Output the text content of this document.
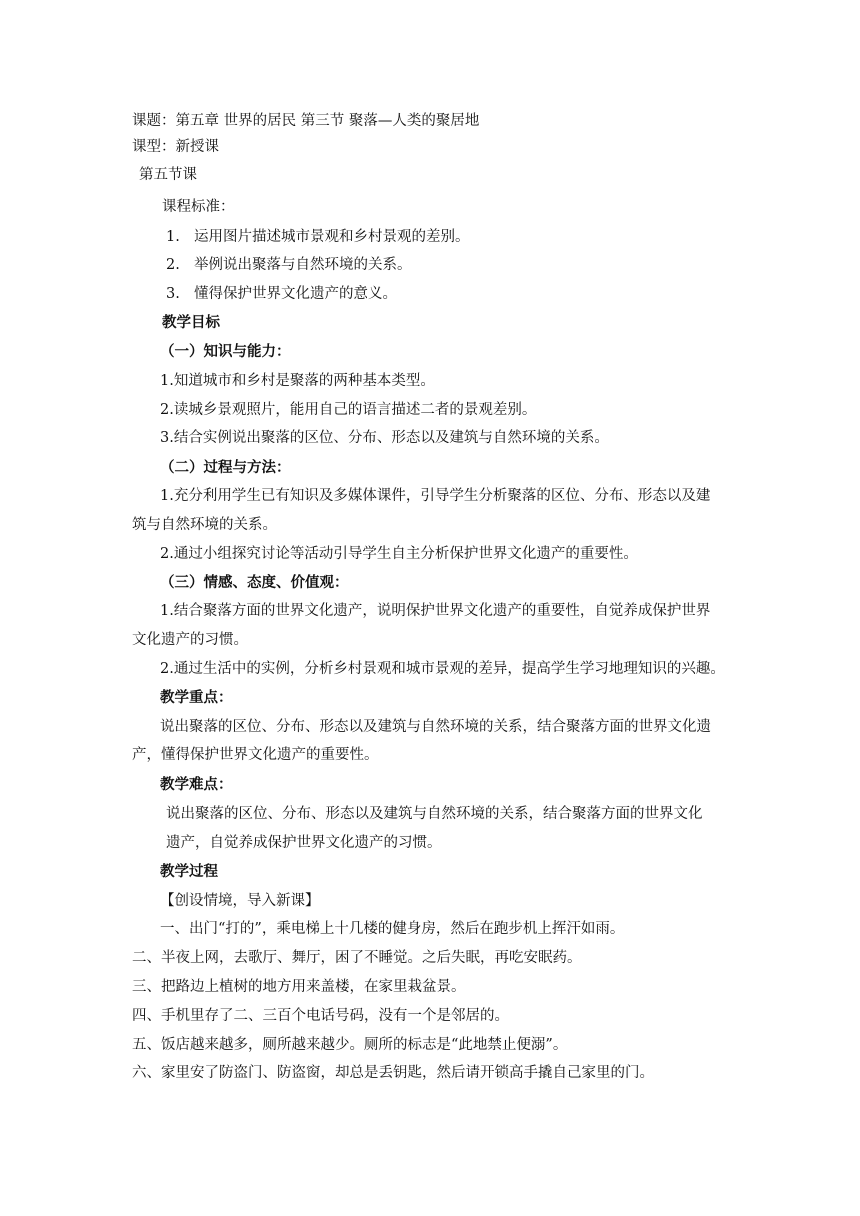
课题：第五章 世界的居民 第三节 聚落—人类的聚居地
课型：新授课
第五节课
课程标准：
1. 运用图片描述城市景观和乡村景观的差别。
2. 举例说出聚落与自然环境的关系。
3. 懂得保护世界文化遗产的意义。
教学目标
（一）知识与能力：
1.知道城市和乡村是聚落的两种基本类型。
2.读城乡景观照片，能用自己的语言描述二者的景观差别。
3.结合实例说出聚落的区位、分布、形态以及建筑与自然环境的关系。
（二）过程与方法：
1.充分利用学生已有知识及多媒体课件，引导学生分析聚落的区位、分布、形态以及建
筑与自然环境的关系。
2.通过小组探究讨论等活动引导学生自主分析保护世界文化遗产的重要性。
（三）情感、态度、价值观：
1.结合聚落方面的世界文化遗产，说明保护世界文化遗产的重要性，自觉养成保护世界
文化遗产的习惯。
2.通过生活中的实例，分析乡村景观和城市景观的差异，提高学生学习地理知识的兴趣。
教学重点：
说出聚落的区位、分布、形态以及建筑与自然环境的关系，结合聚落方面的世界文化遗
产，懂得保护世界文化遗产的重要性。
教学难点：
说出聚落的区位、分布、形态以及建筑与自然环境的关系，结合聚落方面的世界文化
遗产，自觉养成保护世界文化遗产的习惯。
教学过程
【创设情境，导入新课】
一、出门“打的”，乘电梯上十几楼的健身房，然后在跑步机上挥汗如雨。
二、半夜上网，去歌厅、舞厅，困了不睡觉。之后失眠，再吃安眠药。
三、把路边上植树的地方用来盖楼，在家里栽盆景。
四、手机里存了二、三百个电话号码，没有一个是邻居的。
五、饭店越来越多，厕所越来越少。厕所的标志是“此地禁止便溺”。
六、家里安了防盗门、防盗窗，却总是丢钥匙，然后请开锁高手撬自己家里的门。
